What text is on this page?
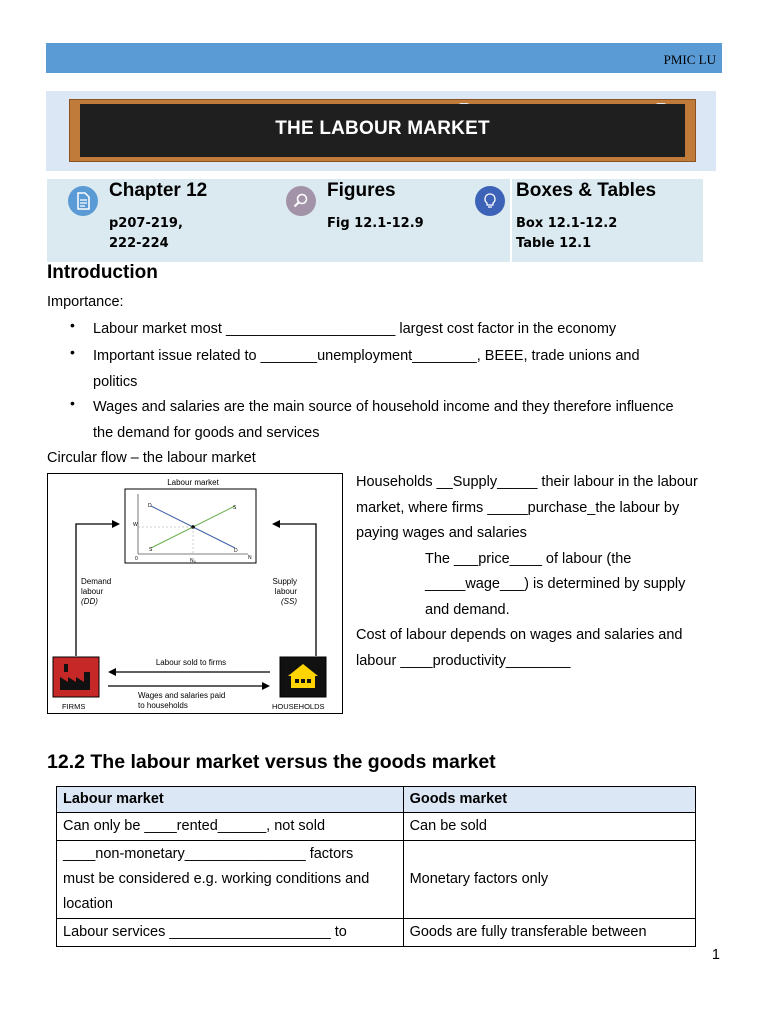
PMIC LU
THE LABOUR MARKET
Chapter 12
p207-219,
222-224
Figures
Fig 12.1-12.9
Boxes & Tables
Box 12.1-12.2
Table 12.1
Introduction
Importance:
• Labour market most _____________________ largest cost factor in the economy
• Important issue related to _______unemployment________, BEEE, trade unions and
politics
• Wages and salaries are the main source of household income and they therefore influence
the demand for goods and services
Circular flow – the labour market
Labour market
W
N
0	N₀
D
D
S
S
Demand
labour
(DD)
Supply
labour
(SS)
Labour sold to firms
Wages and salaries paid
to households
FIRMS	HOUSEHOLDS
Households __Supply_____ their labour in the labour
market, where firms _____purchase_the labour by
paying wages and salaries
The ___price____ of labour (the
_____wage___) is determined by supply
and demand.
Cost of labour depends on wages and salaries and
labour ____productivity________
12.2 The labour market versus the goods market
Labour market	Goods market
Can only be ____rented______, not sold	Can be sold
____non-monetary_______________ factors
must be considered e.g. working conditions and
location	Monetary factors only
Labour services ____________________ to	Goods are fully transferable between
1
